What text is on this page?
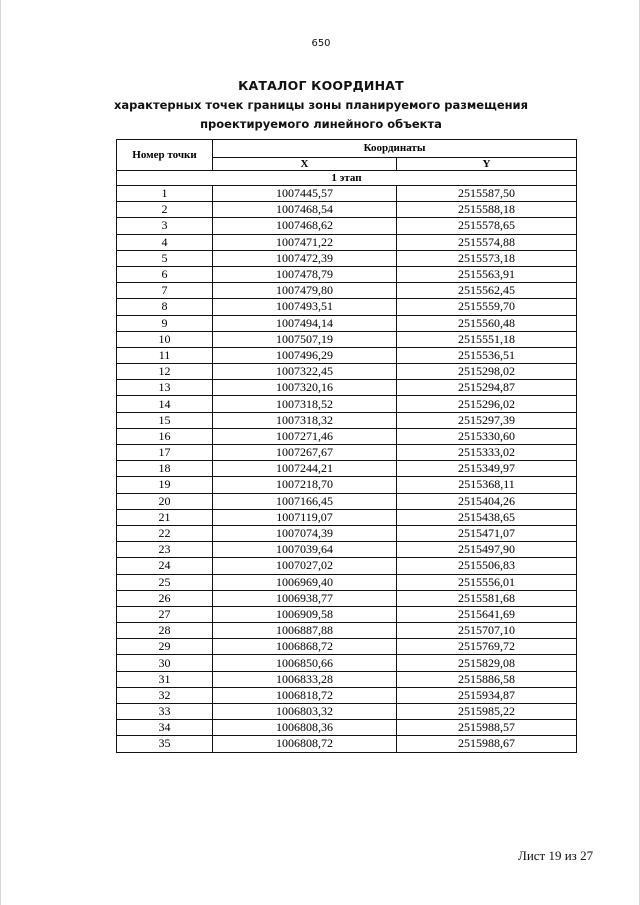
650
КАТАЛОГ КООРДИНАТ
характерных точек границы зоны планируемого размещения
проектируемого линейного объекта
Номер точки	Координаты	
	X	Y
1 этап		
1	1007445,57	2515587,50
2	1007468,54	2515588,18
3	1007468,62	2515578,65
4	1007471,22	2515574,88
5	1007472,39	2515573,18
6	1007478,79	2515563,91
7	1007479,80	2515562,45
8	1007493,51	2515559,70
9	1007494,14	2515560,48
10	1007507,19	2515551,18
11	1007496,29	2515536,51
12	1007322,45	2515298,02
13	1007320,16	2515294,87
14	1007318,52	2515296,02
15	1007318,32	2515297,39
16	1007271,46	2515330,60
17	1007267,67	2515333,02
18	1007244,21	2515349,97
19	1007218,70	2515368,11
20	1007166,45	2515404,26
21	1007119,07	2515438,65
22	1007074,39	2515471,07
23	1007039,64	2515497,90
24	1007027,02	2515506,83
25	1006969,40	2515556,01
26	1006938,77	2515581,68
27	1006909,58	2515641,69
28	1006887,88	2515707,10
29	1006868,72	2515769,72
30	1006850,66	2515829,08
31	1006833,28	2515886,58
32	1006818,72	2515934,87
33	1006803,32	2515985,22
34	1006808,36	2515988,57
35	1006808,72	2515988,67
Лист 19 из 27
